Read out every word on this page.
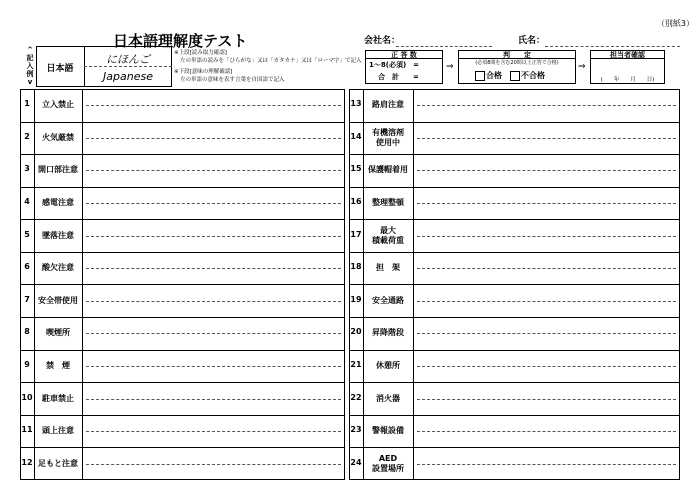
（別紙3）
日本語理解度テスト	会社名：	氏名：
^
記入例
v
日本語
にほんご
Japanese
※上段[読み取力確認]
左の単語の読みを「ひらがな」又は「カタカナ」又は「ローマ字」で記入
※下段[意味の理解確認]
左の単語の意味を表す言葉を自国語で記入
正 答 数
1～8(必須)　=
合　計　　=
⇒
判　　定
(必須8問を含む20問以上正答で合格)
合格 不合格
⇒
担当者確認
(　　年　　月　　日)
1	立入禁止
2	火気厳禁
3	開口部注意
4	感電注意
5	墜落注意
6	酸欠注意
7	安全帯使用
8	喫煙所
9	禁　煙
10	駐車禁止
11	頭上注意
12 足もと注意
13	路肩注意
14	有機溶剤
使用中
15 保護帽着用
16	整理整頓
17	最大
積載荷重
18	担　架
19	安全通路
20	昇降階段
21	休憩所
22	消火器
23	警報設備
24	AED
設置場所
